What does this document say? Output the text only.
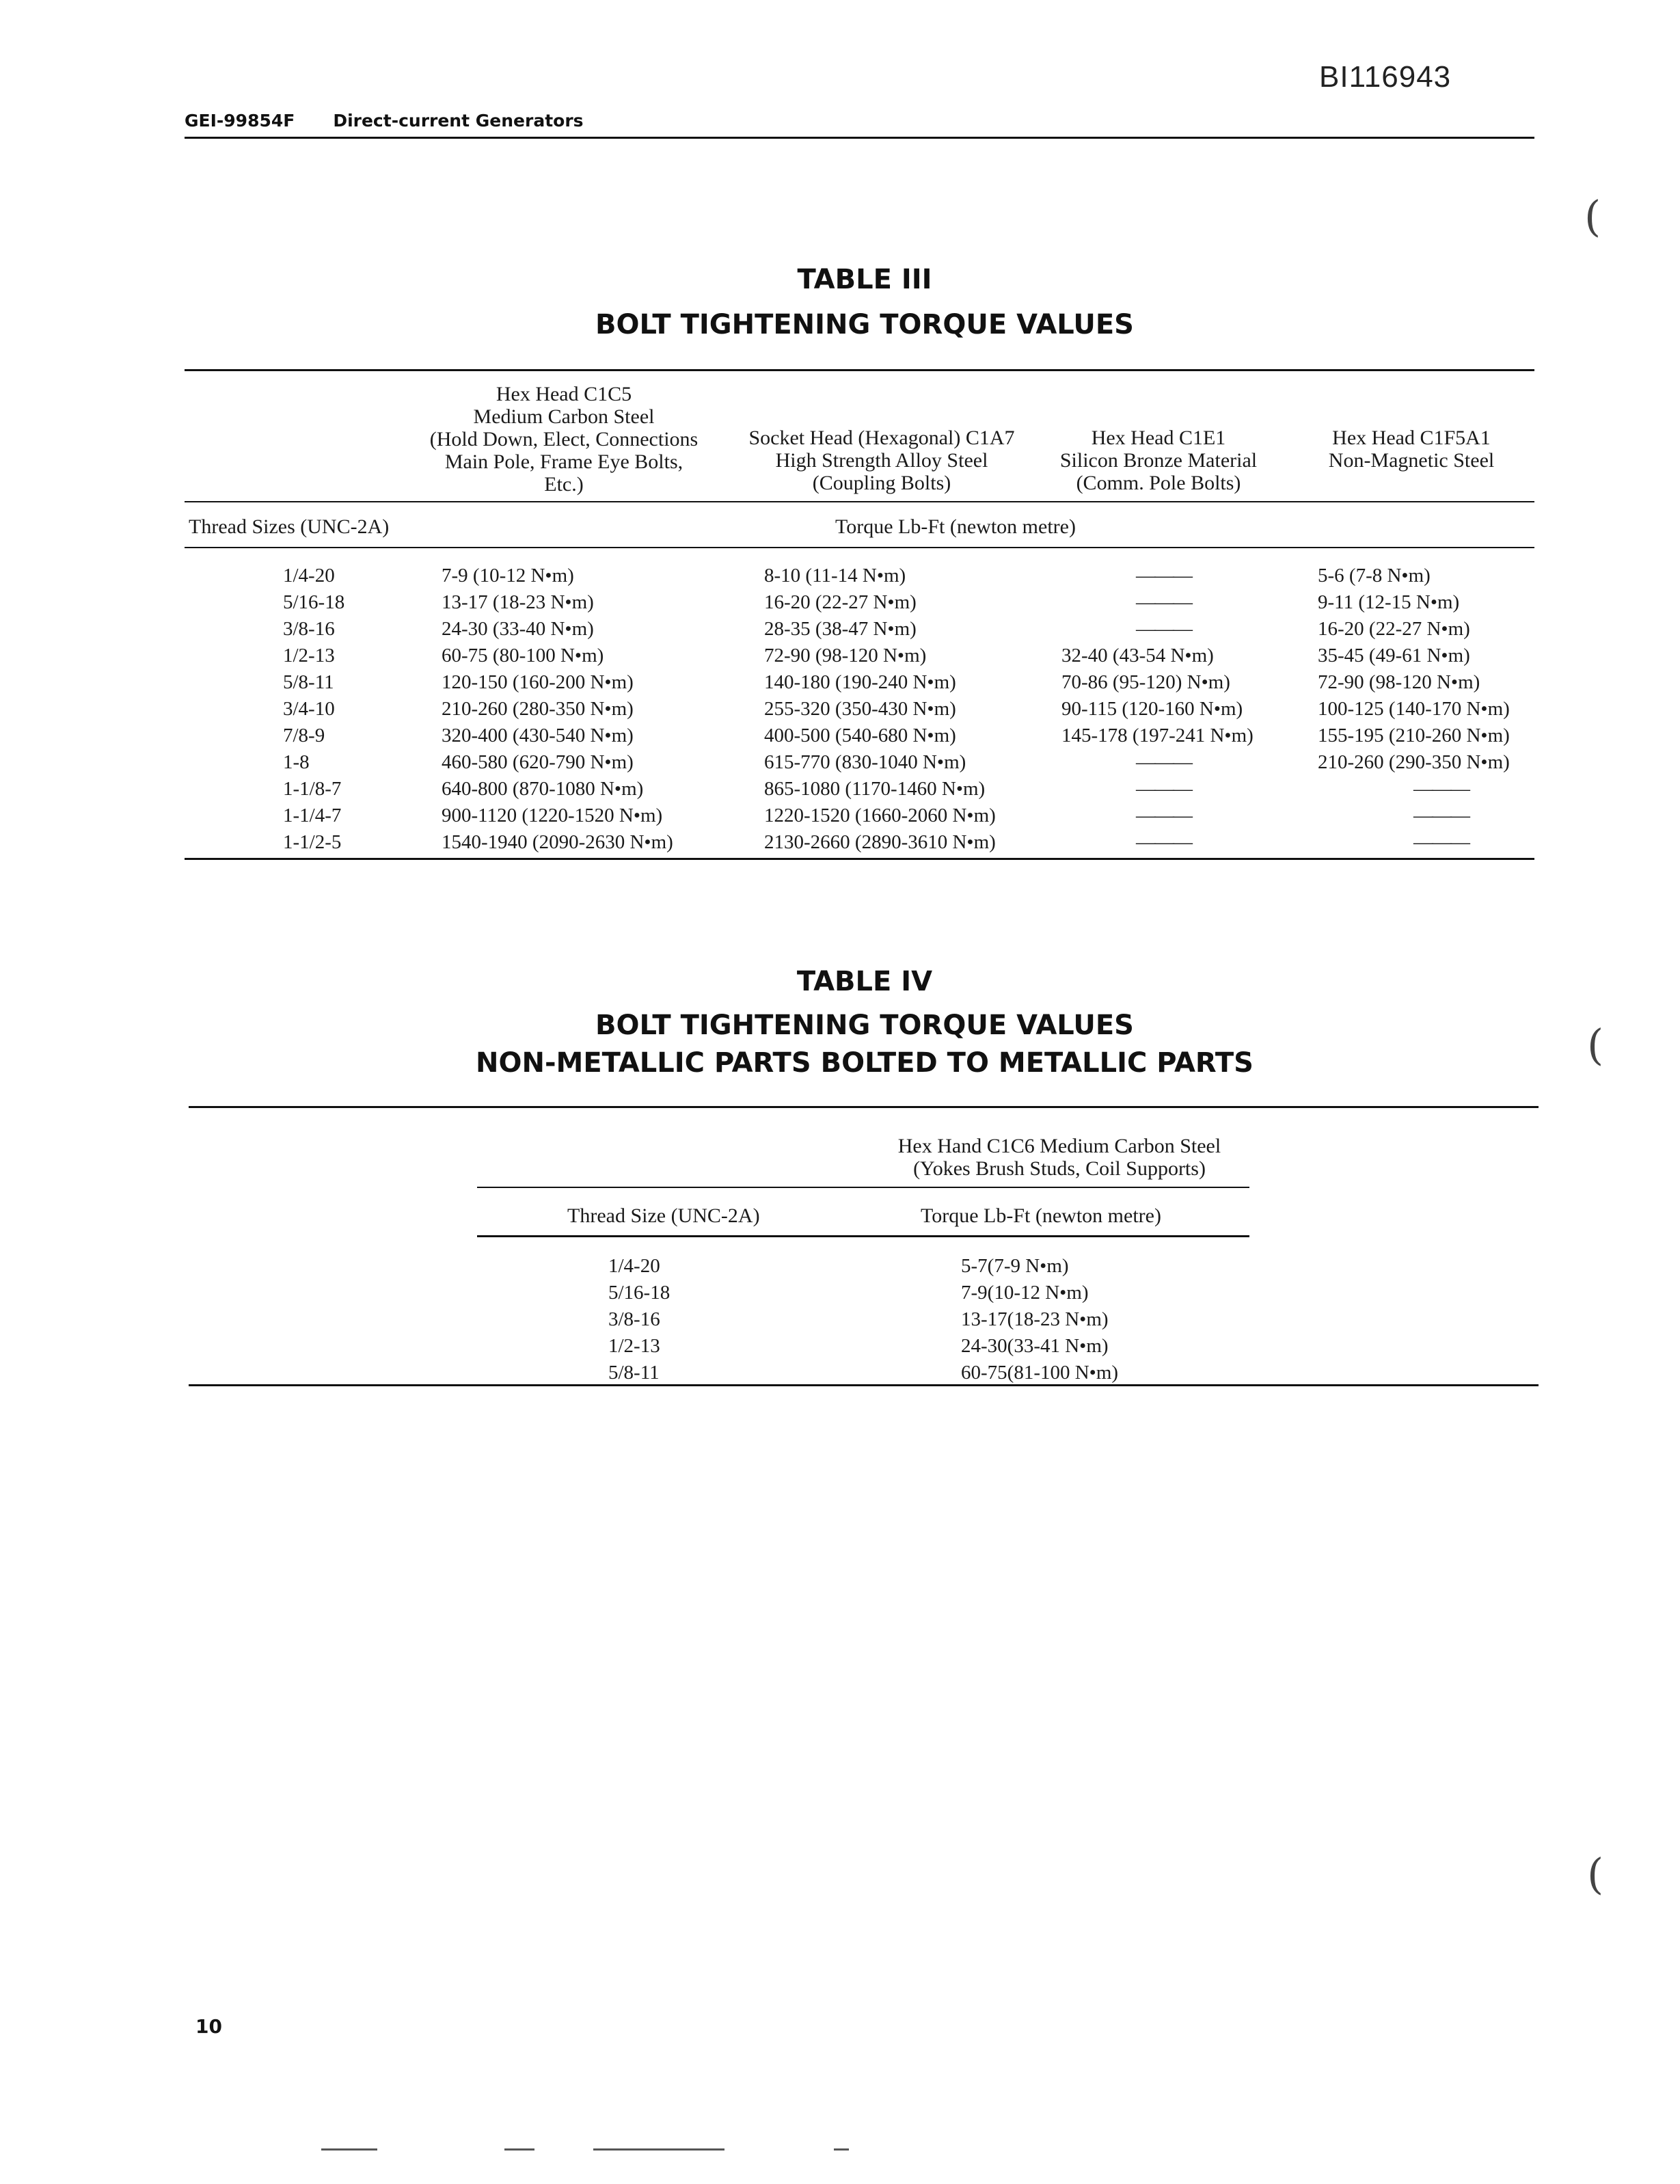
BI116943
GEI-99854F Direct-current Generators
(
(
(
TABLE III
BOLT TIGHTENING TORQUE VALUES
Hex Head C1C5
Medium Carbon Steel
(Hold Down, Elect, Connections
Main Pole, Frame Eye Bolts,
Etc.)
Socket Head (Hexagonal) C1A7
High Strength Alloy Steel
(Coupling Bolts)
Hex Head C1E1
Silicon Bronze Material
(Comm. Pole Bolts)
Hex Head C1F5A1
Non-Magnetic Steel
Thread Sizes (UNC-2A)	Torque Lb-Ft (newton metre)
1/4-20	7-9 (10-12 N•m)	8-10 (11-14 N•m)	———	5-6 (7-8 N•m)
5/16-18	13-17 (18-23 N•m)	16-20 (22-27 N•m)	———	9-11 (12-15 N•m)
3/8-16	24-30 (33-40 N•m)	28-35 (38-47 N•m)	———	16-20 (22-27 N•m)
1/2-13	60-75 (80-100 N•m)	72-90 (98-120 N•m)	32-40 (43-54 N•m)	35-45 (49-61 N•m)
5/8-11	120-150 (160-200 N•m)	140-180 (190-240 N•m)	70-86 (95-120) N•m)	72-90 (98-120 N•m)
3/4-10	210-260 (280-350 N•m)	255-320 (350-430 N•m)	90-115 (120-160 N•m)	100-125 (140-170 N•m)
7/8-9	320-400 (430-540 N•m)	400-500 (540-680 N•m)	145-178 (197-241 N•m)	155-195 (210-260 N•m)
1-8	460-580 (620-790 N•m)	615-770 (830-1040 N•m)	———	210-260 (290-350 N•m)
1-1/8-7	640-800 (870-1080 N•m)	865-1080 (1170-1460 N•m)	———	———
1-1/4-7	900-1120 (1220-1520 N•m)	1220-1520 (1660-2060 N•m)	———	———
1-1/2-5	1540-1940 (2090-2630 N•m)	2130-2660 (2890-3610 N•m)	———	———
TABLE IV
BOLT TIGHTENING TORQUE VALUES
NON-METALLIC PARTS BOLTED TO METALLIC PARTS
Hex Hand C1C6 Medium Carbon Steel
(Yokes Brush Studs, Coil Supports)
Thread Size (UNC-2A)	Torque Lb-Ft (newton metre)
1/4-20	5-7(7-9 N•m)
5/16-18	7-9(10-12 N•m)
3/8-16	13-17(18-23 N•m)
1/2-13	24-30(33-41 N•m)
5/8-11	60-75(81-100 N•m)
10
